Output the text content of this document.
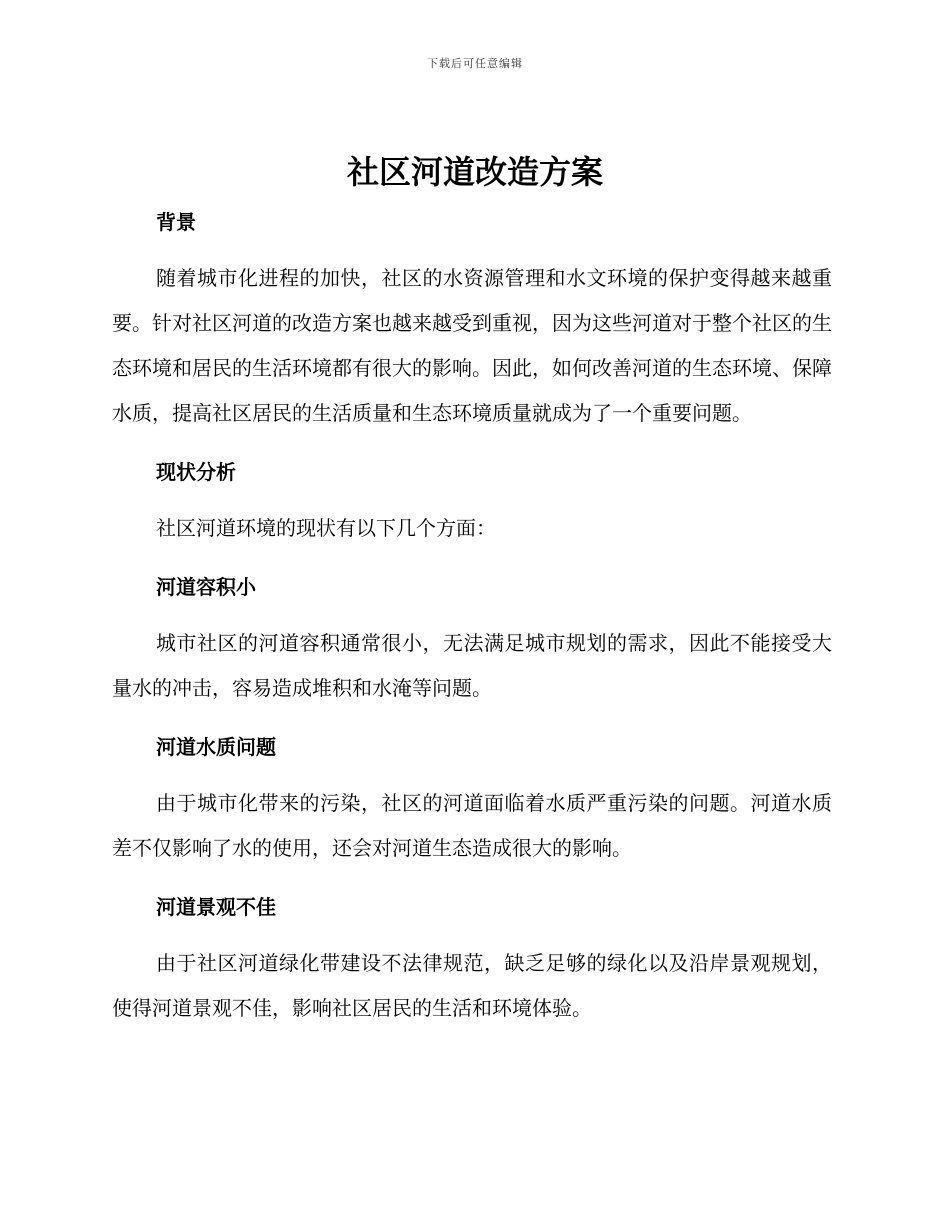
下载后可任意编辑
社区河道改造方案
背景

随着城市化进程的加快，社区的水资源管理和水文环境的保护变得越来越重要。针对社区河道的改造方案也越来越受到重视，因为这些河道对于整个社区的生态环境和居民的生活环境都有很大的影响。因此，如何改善河道的生态环境、保障水质，提高社区居民的生活质量和生态环境质量就成为了一个重要问题。

现状分析

社区河道环境的现状有以下几个方面：

河道容积小

城市社区的河道容积通常很小，无法满足城市规划的需求，因此不能接受大量水的冲击，容易造成堆积和水淹等问题。

河道水质问题

由于城市化带来的污染，社区的河道面临着水质严重污染的问题。河道水质差不仅影响了水的使用，还会对河道生态造成很大的影响。

河道景观不佳

由于社区河道绿化带建设不法律规范，缺乏足够的绿化以及沿岸景观规划，使得河道景观不佳，影响社区居民的生活和环境体验。
